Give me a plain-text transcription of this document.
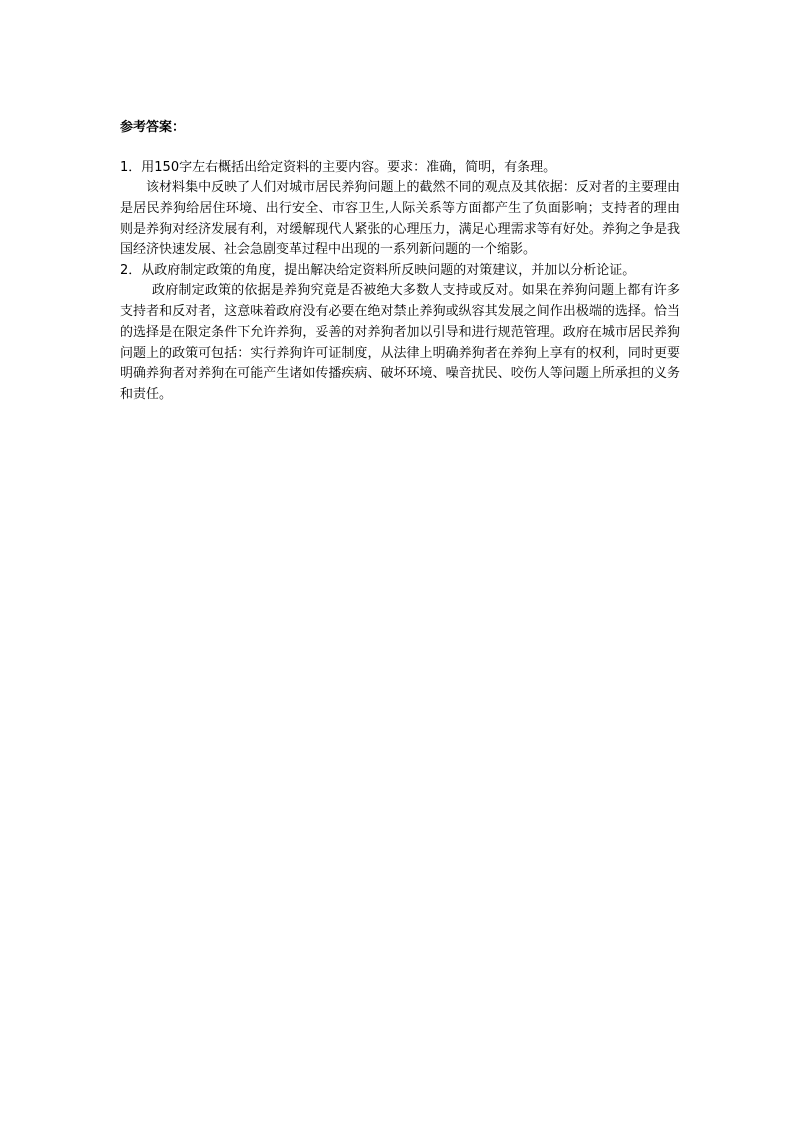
参考答案：

1．用150字左右概括出给定资料的主要内容。要求：准确，简明，有条理。

该材料集中反映了人们对城市居民养狗问题上的截然不同的观点及其依据：反对者的主要理由是居民养狗给居住环境、出行安全、市容卫生,人际关系等方面都产生了负面影响；支持者的理由则是养狗对经济发展有利，对缓解现代人紧张的心理压力，满足心理需求等有好处。养狗之争是我国经济快速发展、社会急剧变革过程中出现的一系列新问题的一个缩影。

2．从政府制定政策的角度，提出解决给定资料所反映问题的对策建议，并加以分析论证。

政府制定政策的依据是养狗究竟是否被绝大多数人支持或反对。如果在养狗问题上都有许多支持者和反对者，这意味着政府没有必要在绝对禁止养狗或纵容其发展之间作出极端的选择。恰当的选择是在限定条件下允许养狗，妥善的对养狗者加以引导和进行规范管理。政府在城市居民养狗问题上的政策可包括：实行养狗许可证制度，从法律上明确养狗者在养狗上享有的权利，同时更要明确养狗者对养狗在可能产生诸如传播疾病、破坏环境、噪音扰民、咬伤人等问题上所承担的义务和责任。
